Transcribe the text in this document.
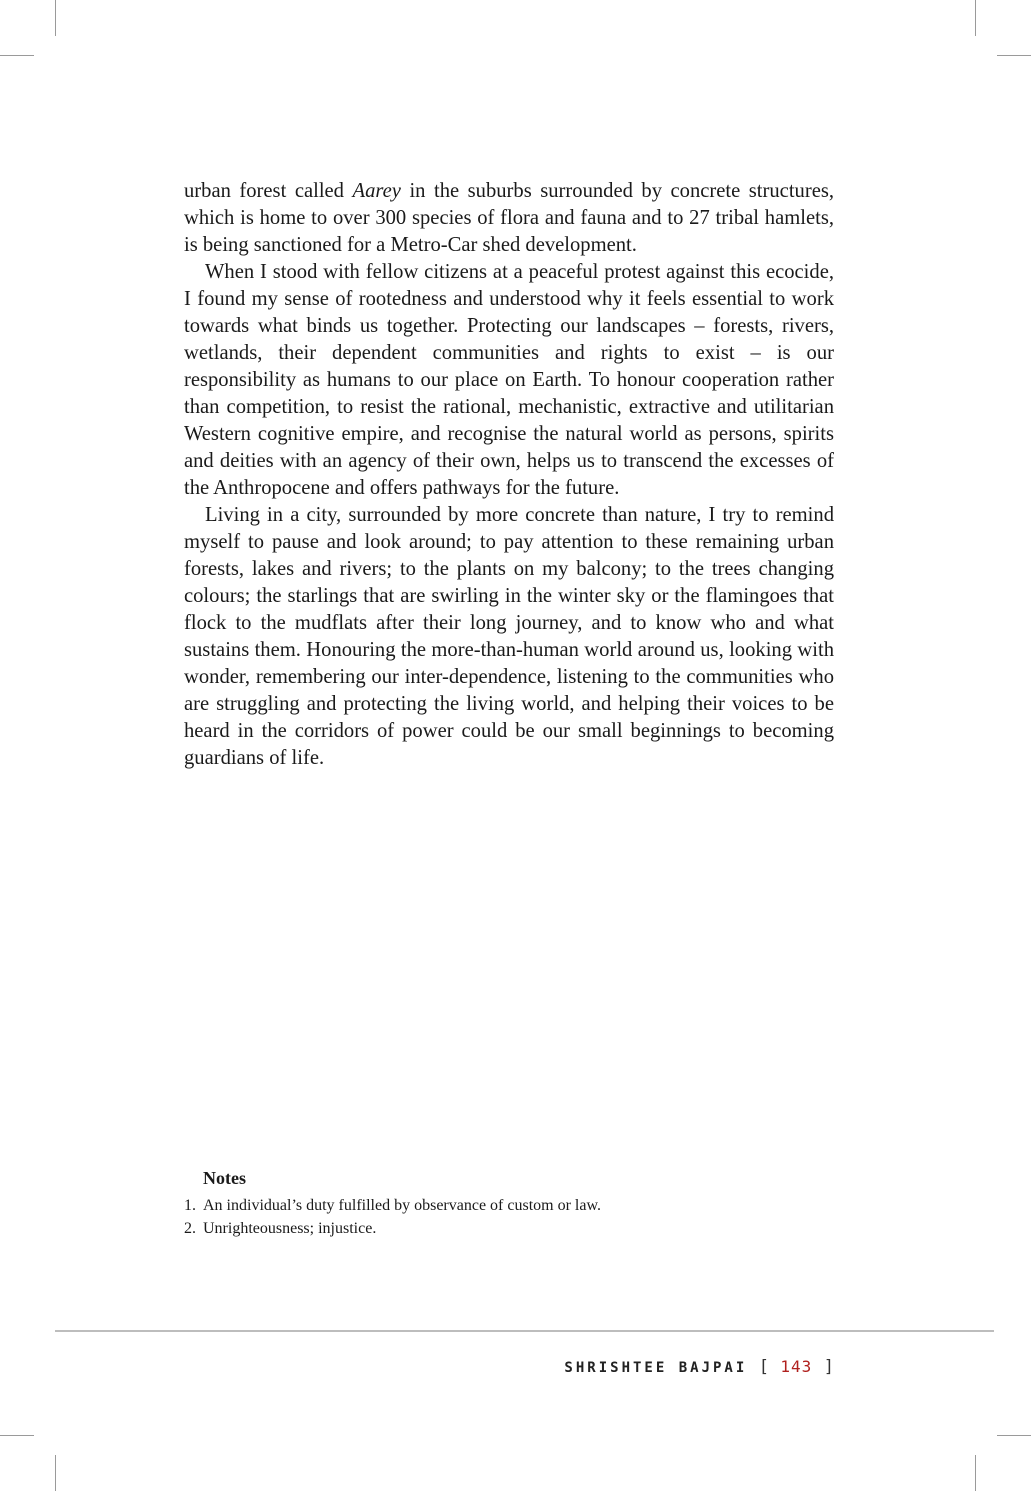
urban forest called Aarey in the suburbs surrounded by concrete structures, which is home to over 300 species of flora and fauna and to 27 tribal hamlets, is being sanctioned for a Metro-Car shed development.

When I stood with fellow citizens at a peaceful protest against this ecocide, I found my sense of rootedness and understood why it feels essential to work towards what binds us together. Protecting our landscapes – forests, rivers, wetlands, their dependent communities and rights to exist – is our responsibility as humans to our place on Earth. To honour cooperation rather than competition, to resist the rational, mechanistic, extractive and utilitarian Western cognitive empire, and recognise the natural world as persons, spirits and deities with an agency of their own, helps us to transcend the excesses of the Anthropocene and offers pathways for the future.

Living in a city, surrounded by more concrete than nature, I try to remind myself to pause and look around; to pay attention to these remaining urban forests, lakes and rivers; to the plants on my balcony; to the trees changing colours; the starlings that are swirling in the winter sky or the flamingoes that flock to the mudflats after their long journey, and to know who and what sustains them. Honouring the more-than-human world around us, looking with wonder, remembering our inter-dependence, listening to the communities who are struggling and protecting the living world, and helping their voices to be heard in the corridors of power could be our small beginnings to becoming guardians of life.

Notes
1. An individual’s duty fulfilled by observance of custom or law.
2. Unrighteousness; injustice.
SHRISHTEE BAJPAI [ 143 ]
